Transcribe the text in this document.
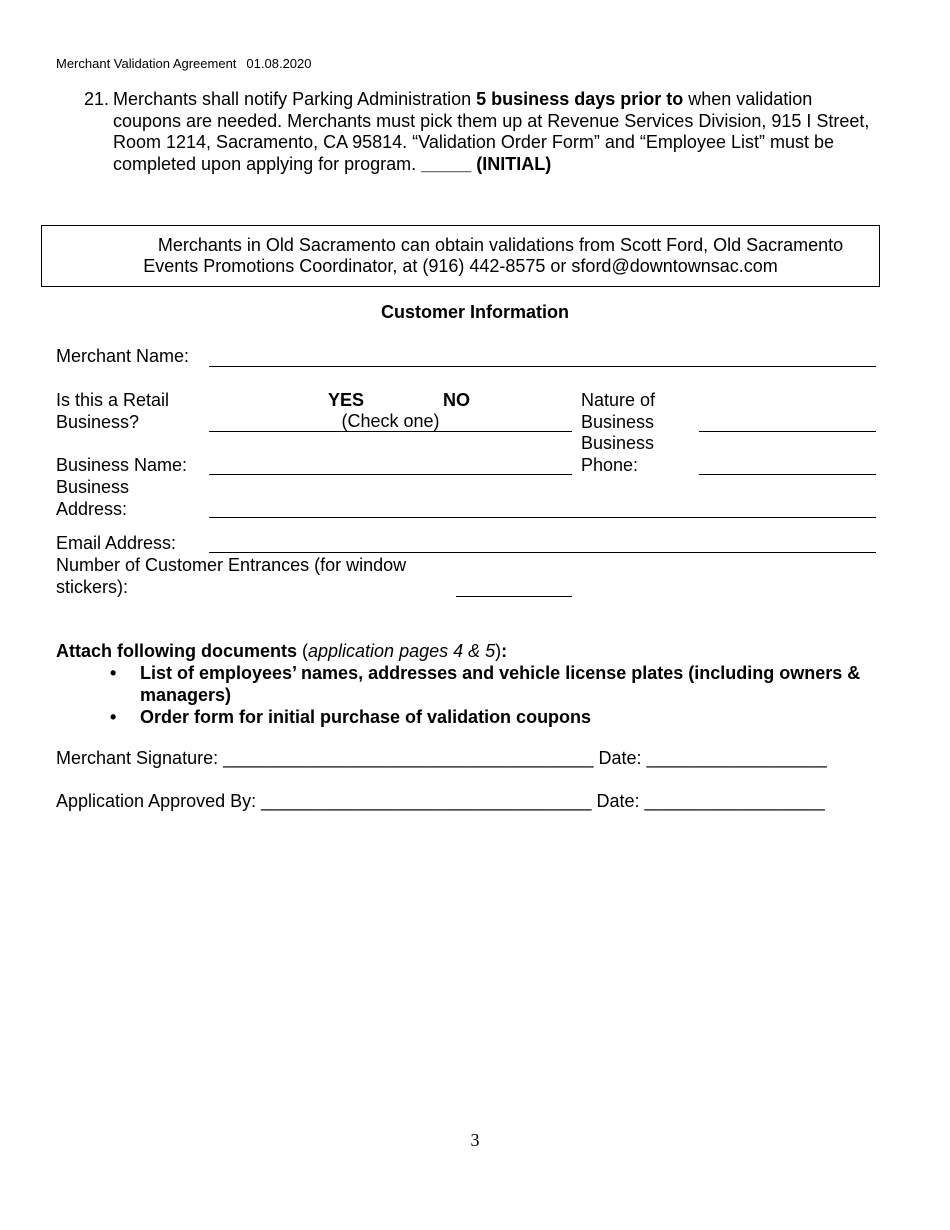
Merchant Validation Agreement 01.08.2020
21. Merchants shall notify Parking Administration 5 business days prior to when validation coupons are needed. Merchants must pick them up at Revenue Services Division, 915 I Street, Room 1214, Sacramento, CA 95814. “Validation Order Form” and “Employee List” must be completed upon applying for program. _____ (INITIAL)
Merchants in Old Sacramento can obtain validations from Scott Ford, Old Sacramento
Events Promotions Coordinator, at (916) 442-8575 or sford@downtownsac.com
Customer Information
Merchant Name:
Is this a Retail
Business?
YES	NO
(Check one)
Nature of
Business
Business
Phone:
Business Name:
Business
Address:
Email Address:
Number of Customer Entrances (for window
stickers):
Attach following documents (application pages 4 & 5):
• List of employees’ names, addresses and vehicle license plates (including owners & managers)
• Order form for initial purchase of validation coupons
Merchant Signature: _____________________________________ Date: __________________
Application Approved By: _________________________________ Date: __________________
3
